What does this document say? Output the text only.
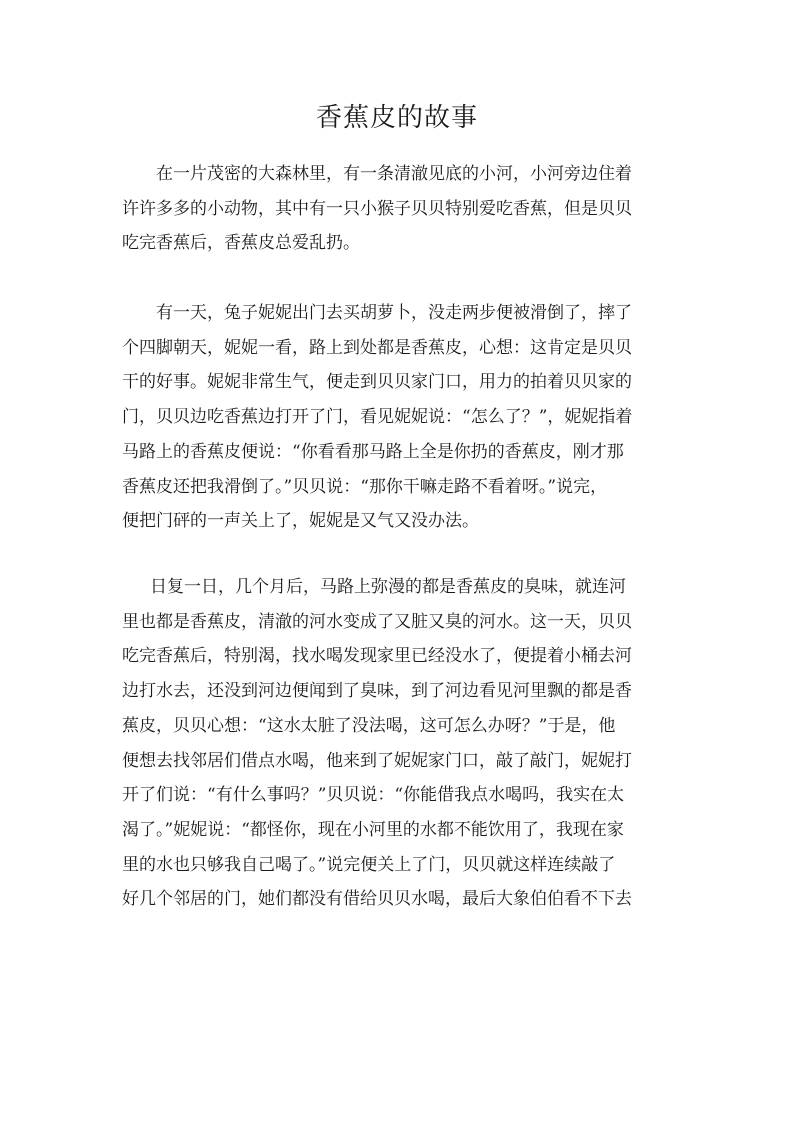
香蕉皮的故事

在一片茂密的大森林里，有一条清澈见底的小河，小河旁边住着
许许多多的小动物，其中有一只小猴子贝贝特别爱吃香蕉，但是贝贝
吃完香蕉后，香蕉皮总爱乱扔。

有一天，兔子妮妮出门去买胡萝卜，没走两步便被滑倒了，摔了
个四脚朝天，妮妮一看，路上到处都是香蕉皮，心想：这肯定是贝贝
干的好事。妮妮非常生气，便走到贝贝家门口，用力的拍着贝贝家的
门，贝贝边吃香蕉边打开了门，看见妮妮说：“怎么了？”，妮妮指着
马路上的香蕉皮便说：“你看看那马路上全是你扔的香蕉皮，刚才那
香蕉皮还把我滑倒了。”贝贝说：“那你干嘛走路不看着呀。”说完，
便把门砰的一声关上了，妮妮是又气又没办法。

日复一日，几个月后，马路上弥漫的都是香蕉皮的臭味，就连河
里也都是香蕉皮，清澈的河水变成了又脏又臭的河水。这一天，贝贝
吃完香蕉后，特别渴，找水喝发现家里已经没水了，便提着小桶去河
边打水去，还没到河边便闻到了臭味，到了河边看见河里飘的都是香
蕉皮，贝贝心想：“这水太脏了没法喝，这可怎么办呀？”于是，他
便想去找邻居们借点水喝，他来到了妮妮家门口，敲了敲门，妮妮打
开了们说：“有什么事吗？”贝贝说：“你能借我点水喝吗，我实在太
渴了。”妮妮说：“都怪你，现在小河里的水都不能饮用了，我现在家
里的水也只够我自己喝了。”说完便关上了门，贝贝就这样连续敲了
好几个邻居的门，她们都没有借给贝贝水喝，最后大象伯伯看不下去
